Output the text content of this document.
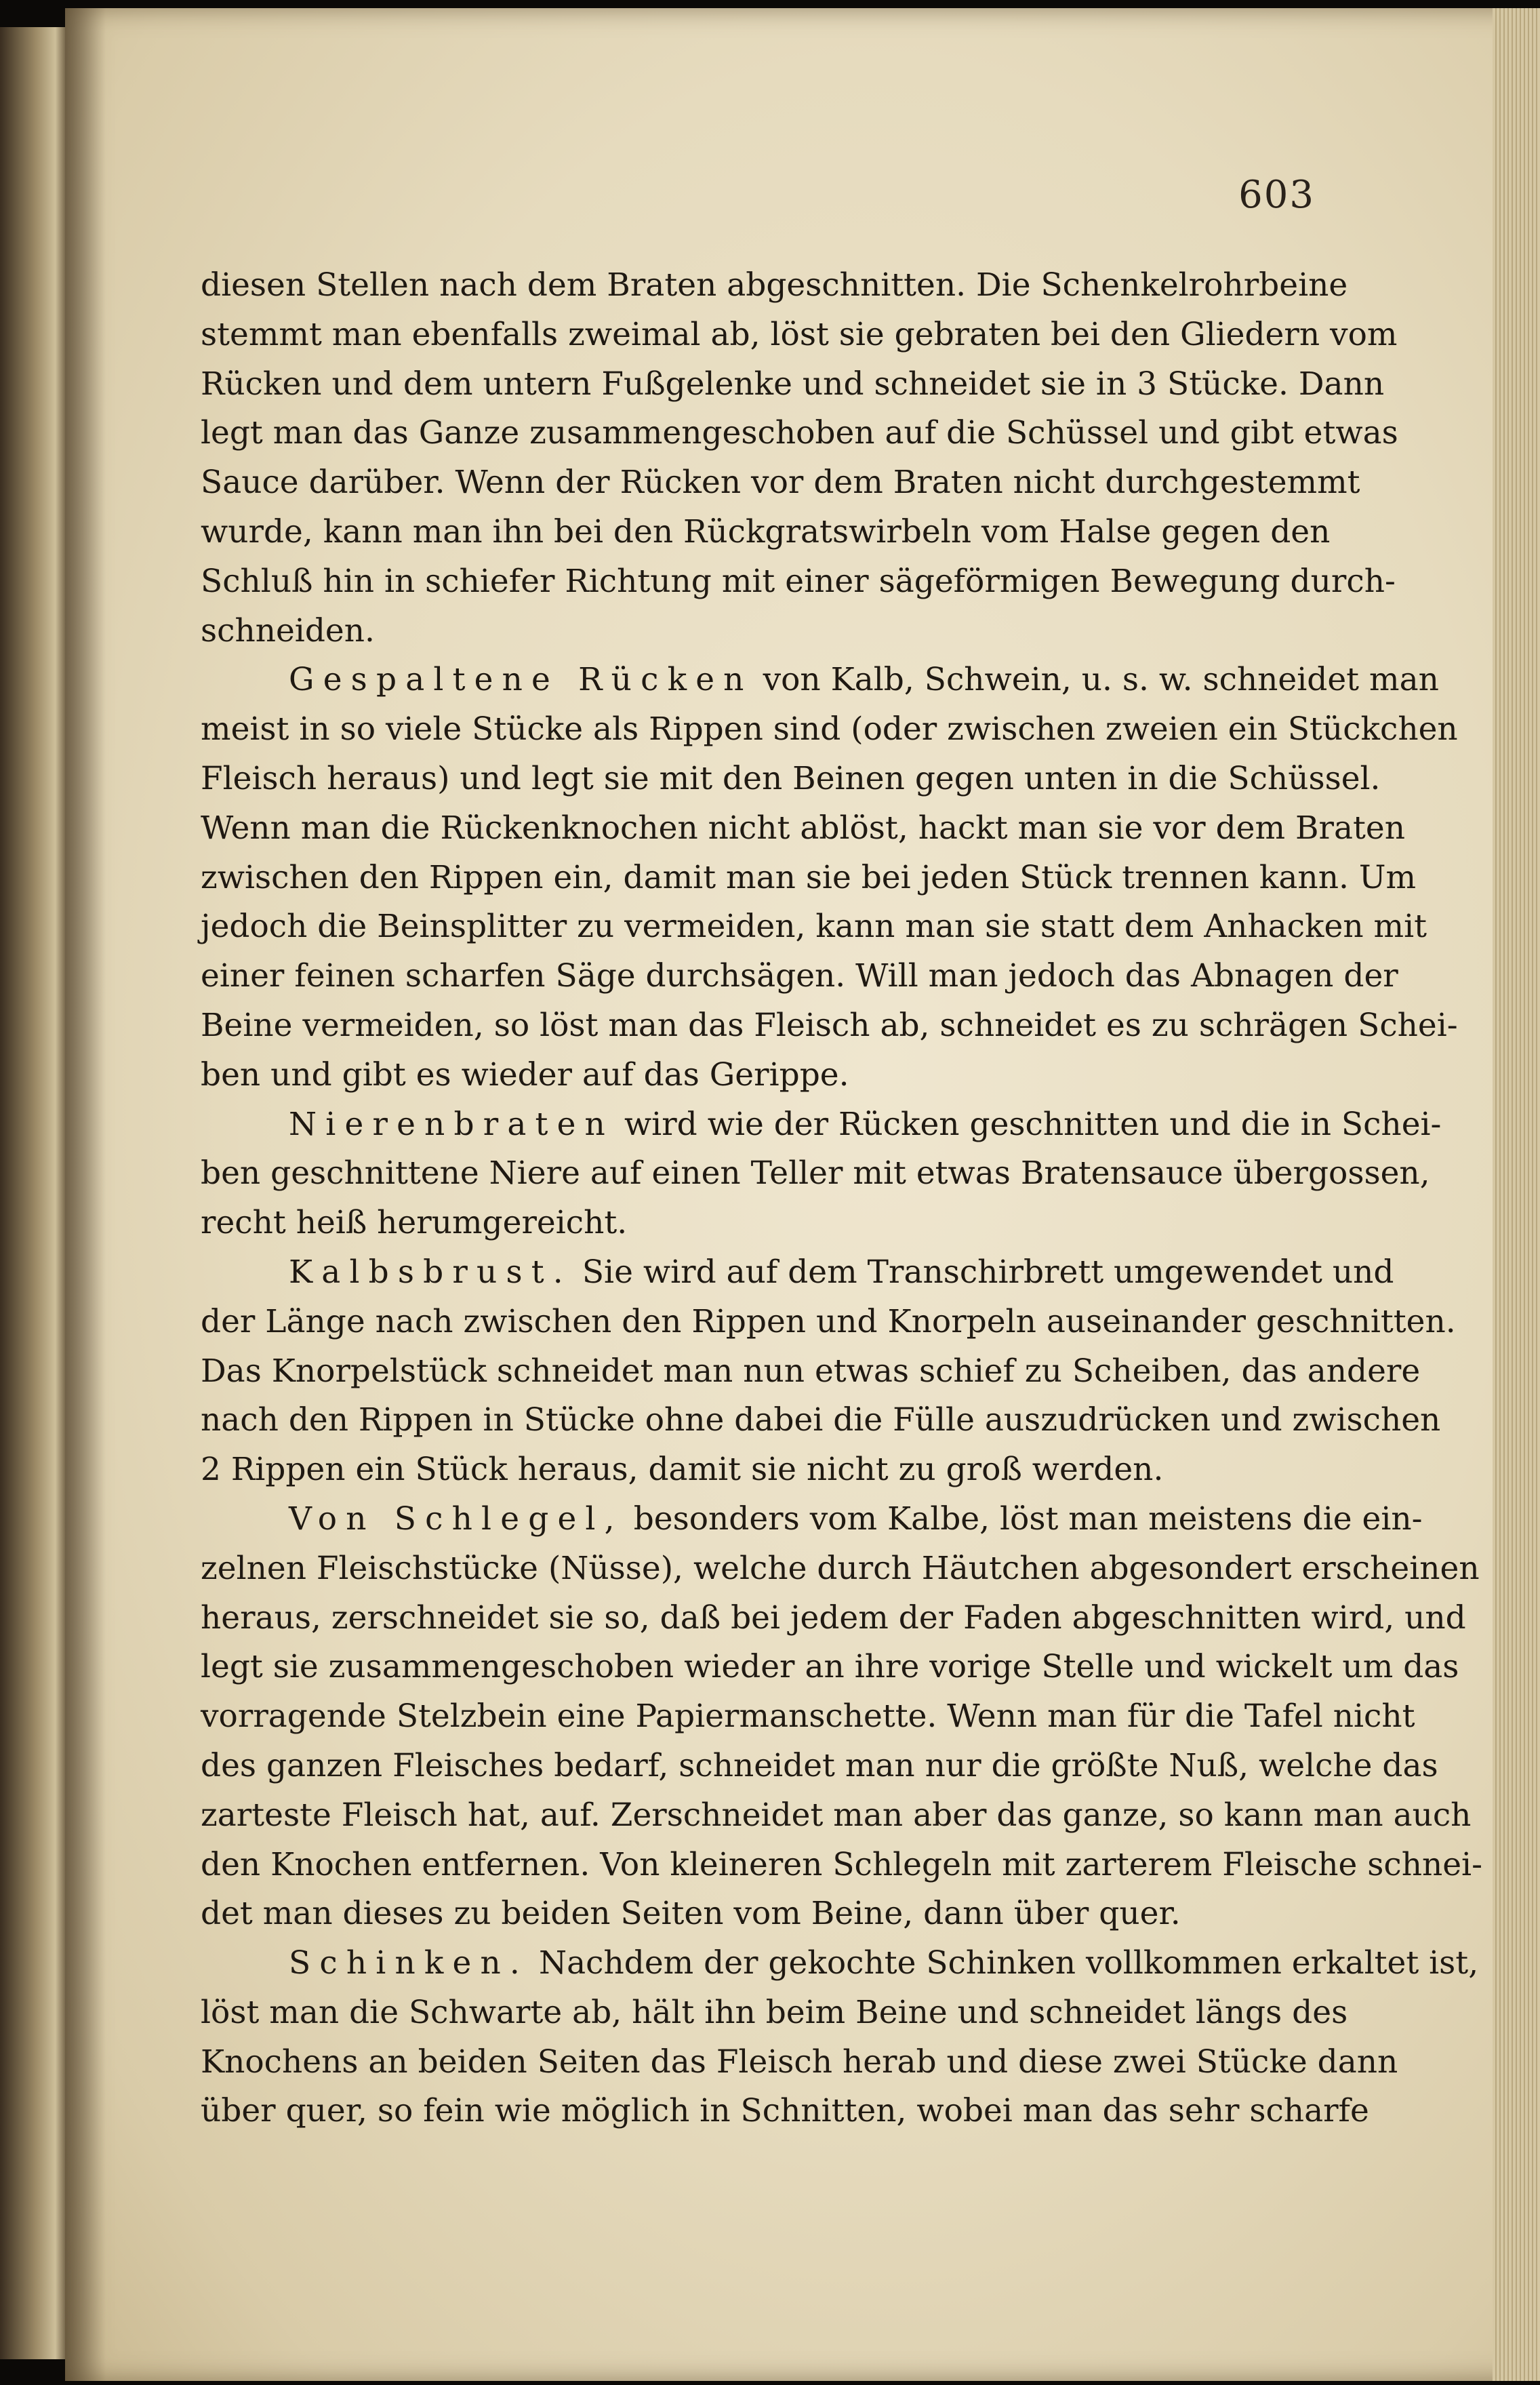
603
diesen Stellen nach dem Braten abgeschnitten. Die Schenkelrohrbeine
stemmt man ebenfalls zweimal ab, löst sie gebraten bei den Gliedern vom
Rücken und dem untern Fußgelenke und schneidet sie in 3 Stücke. Dann
legt man das Ganze zusammengeschoben auf die Schüssel und gibt etwas
Sauce darüber. Wenn der Rücken vor dem Braten nicht durchgestemmt
wurde, kann man ihn bei den Rückgratswirbeln vom Halse gegen den
Schluß hin in schiefer Richtung mit einer sägeförmigen Bewegung durch-
schneiden.
Gespaltene Rücken von Kalb, Schwein, u. s. w. schneidet man
meist in so viele Stücke als Rippen sind (oder zwischen zweien ein Stückchen
Fleisch heraus) und legt sie mit den Beinen gegen unten in die Schüssel.
Wenn man die Rückenknochen nicht ablöst, hackt man sie vor dem Braten
zwischen den Rippen ein, damit man sie bei jeden Stück trennen kann. Um
jedoch die Beinsplitter zu vermeiden, kann man sie statt dem Anhacken mit
einer feinen scharfen Säge durchsägen. Will man jedoch das Abnagen der
Beine vermeiden, so löst man das Fleisch ab, schneidet es zu schrägen Schei-
ben und gibt es wieder auf das Gerippe.
Nierenbraten wird wie der Rücken geschnitten und die in Schei-
ben geschnittene Niere auf einen Teller mit etwas Bratensauce übergossen,
recht heiß herumgereicht.
Kalbsbrust. Sie wird auf dem Transchirbrett umgewendet und
der Länge nach zwischen den Rippen und Knorpeln auseinander geschnitten.
Das Knorpelstück schneidet man nun etwas schief zu Scheiben, das andere
nach den Rippen in Stücke ohne dabei die Fülle auszudrücken und zwischen
2 Rippen ein Stück heraus, damit sie nicht zu groß werden.
Von Schlegel, besonders vom Kalbe, löst man meistens die ein-
zelnen Fleischstücke (Nüsse), welche durch Häutchen abgesondert erscheinen
heraus, zerschneidet sie so, daß bei jedem der Faden abgeschnitten wird, und
legt sie zusammengeschoben wieder an ihre vorige Stelle und wickelt um das
vorragende Stelzbein eine Papiermanschette. Wenn man für die Tafel nicht
des ganzen Fleisches bedarf, schneidet man nur die größte Nuß, welche das
zarteste Fleisch hat, auf. Zerschneidet man aber das ganze, so kann man auch
den Knochen entfernen. Von kleineren Schlegeln mit zarterem Fleische schnei-
det man dieses zu beiden Seiten vom Beine, dann über quer.
Schinken. Nachdem der gekochte Schinken vollkommen erkaltet ist,
löst man die Schwarte ab, hält ihn beim Beine und schneidet längs des
Knochens an beiden Seiten das Fleisch herab und diese zwei Stücke dann
über quer, so fein wie möglich in Schnitten, wobei man das sehr scharfe
